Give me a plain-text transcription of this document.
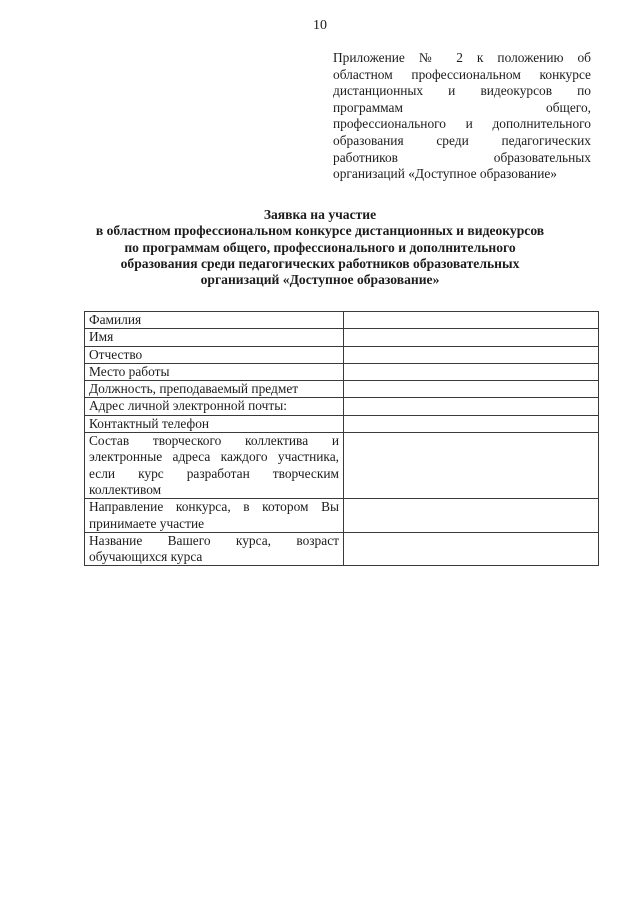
10
Приложение № 2 к положению об
областном профессиональном конкурсе
дистанционных и видеокурсов по
программам общего,
профессионального и дополнительного
образования среди педагогических
работников образовательных
организаций «Доступное образование»
Заявка на участие
в областном профессиональном конкурсе дистанционных и видеокурсов
по программам общего, профессионального и дополнительного
образования среди педагогических работников образовательных
организаций «Доступное образование»
Фамилия	
Имя	
Отчество	
Место работы	
Должность, преподаваемый предмет	
Адрес личной электронной почты:	
Контактный телефон	
Состав творческого коллектива и электронные адреса каждого участника, если курс разработан творческим коллективом	
Направление конкурса, в котором Вы принимаете участие	
Название Вашего курса, возраст обучающихся курса	
